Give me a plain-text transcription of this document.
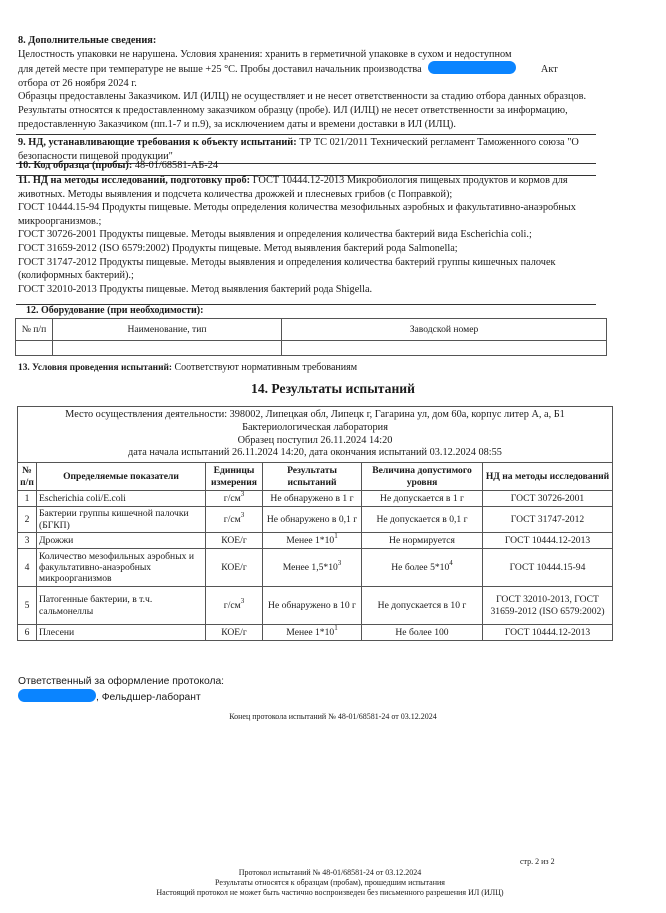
8. Дополнительные сведения:
Целостность упаковки не нарушена. Условия хранения: хранить в герметичной упаковке в сухом и недоступном
для детей месте при температуре не выше +25 °С. Пробы доставил начальник производства	Акт
отбора от 26 ноября 2024 г.
Образцы предоставлены Заказчиком. ИЛ (ИЛЦ) не осуществляет и не несет ответственности за стадию отбора данных образцов. Результаты относятся к предоставленному заказчиком образцу (пробе). ИЛ (ИЛЦ) не несет ответственности за информацию, предоставленную Заказчиком (пп.1-7 и п.9), за исключением даты и времени доставки в ИЛ (ИЛЦ).
9. НД, устанавливающие требования к объекту испытаний: ТР ТС 021/2011 Технический регламент Таможенного союза "О безопасности пищевой продукции"
10. Код образца (пробы): 48-01/68581-АБ-24
11. НД на методы исследований, подготовку проб: ГОСТ 10444.12-2013 Микробиология пищевых продуктов и кормов для животных. Методы выявления и подсчета количества дрожжей и плесневых грибов (с Поправкой);
ГОСТ 10444.15-94 Продукты пищевые. Методы определения количества мезофильных аэробных и факультативно-анаэробных микроорганизмов.;
ГОСТ 30726-2001 Продукты пищевые. Методы выявления и определения количества бактерий вида Escherichia coli.;
ГОСТ 31659-2012 (ISO 6579:2002) Продукты пищевые. Метод выявления бактерий рода Salmonella;
ГОСТ 31747-2012 Продукты пищевые. Методы выявления и определения количества бактерий группы кишечных палочек (колиформных бактерий).;
ГОСТ 32010-2013 Продукты пищевые. Метод выявления бактерий рода Shigella.
12. Оборудование (при необходимости):
№ п/п	Наименование, тип	Заводской номер

13. Условия проведения испытаний: Соответствуют нормативным требованиям
14. Результаты испытаний
Место осуществления деятельности: 398002, Липецкая обл, Липецк г, Гагарина ул, дом 60а, корпус литер А, а, Б1
Бактериологическая лаборатория
Образец поступил 26.11.2024 14:20
дата начала испытаний 26.11.2024 14:20, дата окончания испытаний 03.12.2024 08:55					

№ п/п	Определяемые показатели	Единицы измерения	Результаты испытаний	Величина допустимого уровня	НД на методы исследований
1	Escherichia coli/E.coli	$г/см^3$	Не обнаружено в 1 г	Не допускается в 1 г	ГОСТ 30726-2001
2	Бактерии группы кишечной палочки (БГКП)	$г/см^3$	Не обнаружено в 0,1 г	Не допускается в 0,1 г	ГОСТ 31747-2012
3	Дрожжи	КОЕ/г	Менее $1*10^1$	Не нормируется	ГОСТ 10444.12-2013
4	Количество мезофильных аэробных и факультативно-анаэробных микроорганизмов	КОЕ/г	Менее $1,5*10^3$	Не более $5*10^4$	ГОСТ 10444.15-94
5	Патогенные бактерии, в т.ч. сальмонеллы	$г/см^3$	Не обнаружено в 10 г	Не допускается в 10 г	ГОСТ 32010-2013, ГОСТ 31659-2012 (ISO 6579:2002)
6	Плесени	КОЕ/г	Менее $1*10^1$	Не более 100	ГОСТ 10444.12-2013
Ответственный за оформление протокола:
, Фельдшер-лаборант
Конец протокола испытаний № 48-01/68581-24 от 03.12.2024
стр. 2 из 2
Протокол испытаний № 48-01/68581-24 от 03.12.2024
Результаты относятся к образцам (пробам), прошедшим испытания
Настоящий протокол не может быть частично воспроизведен без письменного разрешения ИЛ (ИЛЦ)
